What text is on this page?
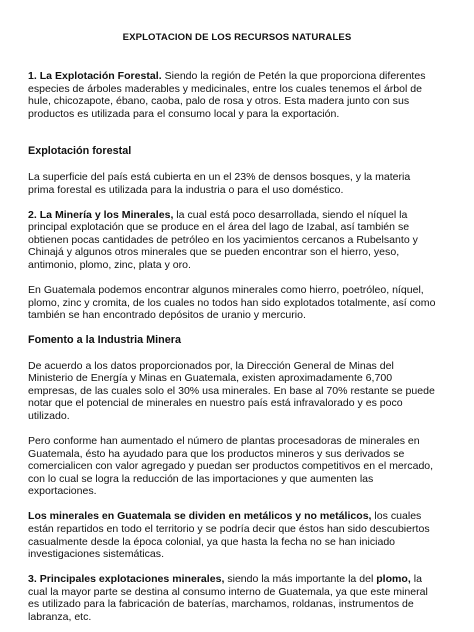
EXPLOTACION DE LOS RECURSOS NATURALES

1. La Explotación Forestal. Siendo la región de Petén la que proporciona diferentes especies de árboles maderables y medicinales, entre los cuales tenemos el árbol de hule, chicozapote, ébano, caoba, palo de rosa y otros. Esta madera junto con sus productos es utilizada para el consumo local y para la exportación.

Explotación forestal

La superficie del país está cubierta en un el 23% de densos bosques, y la materia prima forestal es utilizada para la industria o para el uso doméstico.

2. La Minería y los Minerales, la cual está poco desarrollada, siendo el níquel la principal explotación que se produce en el área del lago de Izabal, así también se obtienen pocas cantidades de petróleo en los yacimientos cercanos a Rubelsanto y Chinajá y algunos otros minerales que se pueden encontrar son el hierro, yeso, antimonio, plomo, zinc, plata y oro.

En Guatemala podemos encontrar algunos minerales como hierro, poetróleo, níquel, plomo, zinc y cromita, de los cuales no todos han sido explotados totalmente, así como también se han encontrado depósitos de uranio y mercurio.

Fomento a la Industria Minera

De acuerdo a los datos proporcionados por, la Dirección General de Minas del Ministerio de Energía y Minas en Guatemala, existen aproximadamente 6,700 empresas, de las cuales solo el 30% usa minerales. En base al 70% restante se puede notar que el potencial de minerales en nuestro país está infravalorado y es poco utilizado.

Pero conforme han aumentado el número de plantas procesadoras de minerales en Guatemala, ésto ha ayudado para que los productos mineros y sus derivados se comercialicen con valor agregado y puedan ser productos competitivos en el mercado, con lo cual se logra la reducción de las importaciones y que aumenten las exportaciones.

Los minerales en Guatemala se dividen en metálicos y no metálicos, los cuales están repartidos en todo el territorio y se podría decir que éstos han sido descubiertos casualmente desde la época colonial, ya que hasta la fecha no se han iniciado investigaciones sistemáticas.

3. Principales explotaciones minerales, siendo la más importante la del plomo, la cual la mayor parte se destina al consumo interno de Guatemala, ya que este mineral es utilizado para la fabricación de baterías, marchamos, roldanas, instrumentos de labranza, etc.
